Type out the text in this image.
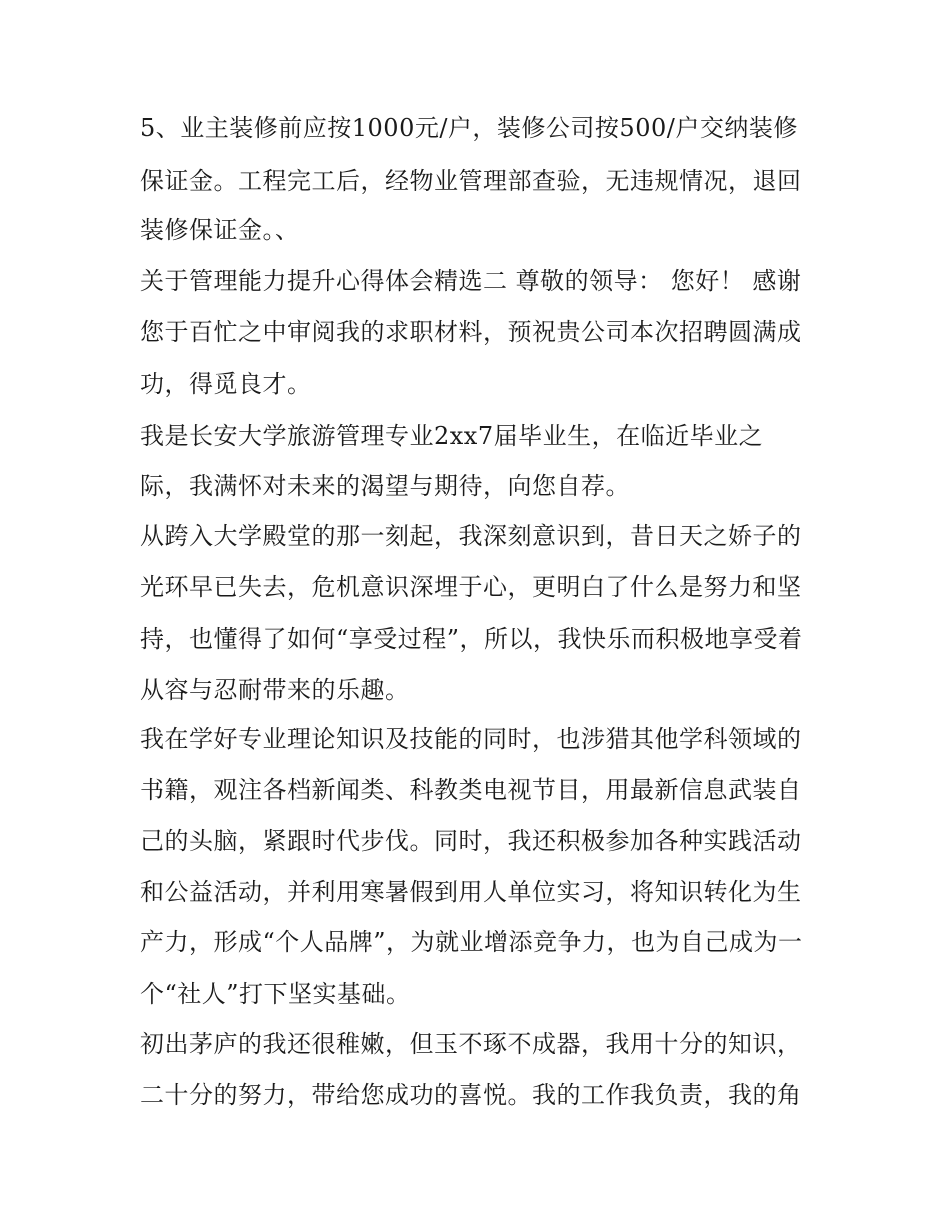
5、业主装修前应按1000元/户，装修公司按500/户交纳装修
保证金。工程完工后，经物业管理部查验，无违规情况，退回
装修保证金。、
关于管理能力提升心得体会精选二 尊敬的领导： 您好！ 感谢
您于百忙之中审阅我的求职材料，预祝贵公司本次招聘圆满成
功，得觅良才。
我是长安大学旅游管理专业2xx7届毕业生，在临近毕业之
际，我满怀对未来的渴望与期待，向您自荐。
从跨入大学殿堂的那一刻起，我深刻意识到，昔日天之娇子的
光环早已失去，危机意识深埋于心，更明白了什么是努力和坚
持，也懂得了如何“享受过程”，所以，我快乐而积极地享受着
从容与忍耐带来的乐趣。
我在学好专业理论知识及技能的同时，也涉猎其他学科领域的
书籍，观注各档新闻类、科教类电视节目，用最新信息武装自
己的头脑，紧跟时代步伐。同时，我还积极参加各种实践活动
和公益活动，并利用寒暑假到用人单位实习，将知识转化为生
产力，形成“个人品牌”，为就业增添竞争力，也为自己成为一
个“社人”打下坚实基础。
初出茅庐的我还很稚嫩，但玉不琢不成器，我用十分的知识，
二十分的努力，带给您成功的喜悦。我的工作我负责，我的角
